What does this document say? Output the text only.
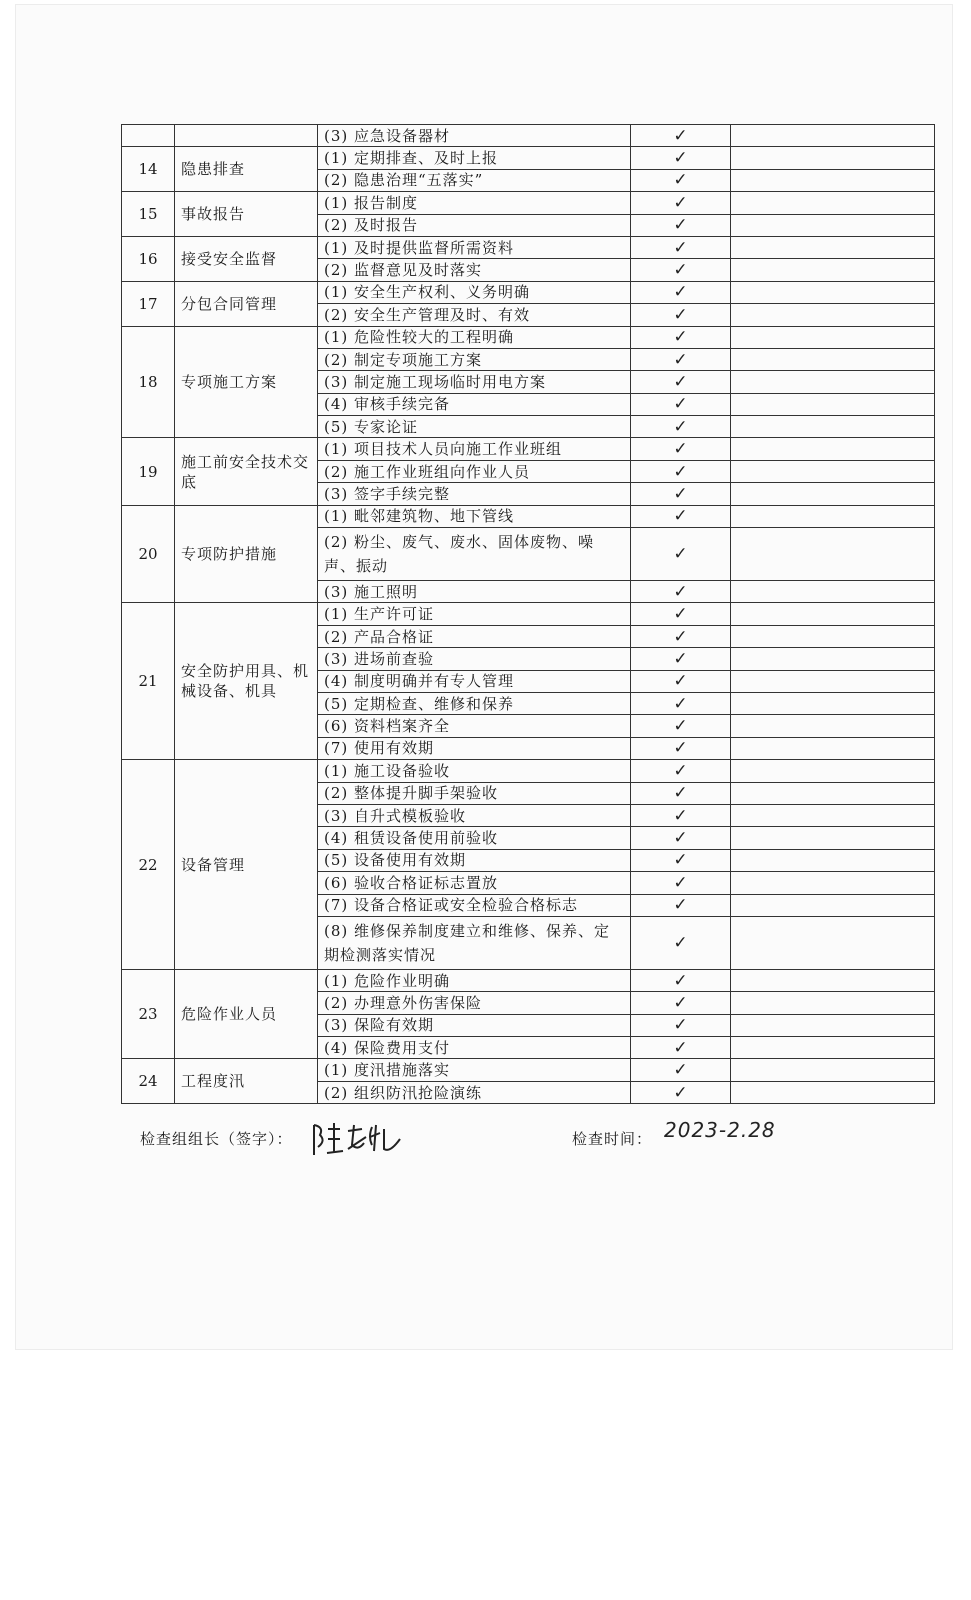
		(3) 应急设备器材	✓	
14	隐患排查	(1) 定期排查、及时上报	✓	
		(2) 隐患治理“五落实”	✓	
15	事故报告	(1) 报告制度	✓	
		(2) 及时报告	✓	
16	接受安全监督	(1) 及时提供监督所需资料	✓	
		(2) 监督意见及时落实	✓	
17	分包合同管理	(1) 安全生产权利、义务明确	✓	
		(2) 安全生产管理及时、有效	✓	
18	专项施工方案	(1) 危险性较大的工程明确	✓	
		(2) 制定专项施工方案	✓	
		(3) 制定施工现场临时用电方案	✓	
		(4) 审核手续完备	✓	
		(5) 专家论证	✓	
19	施工前安全技术交底	(1) 项目技术人员向施工作业班组	✓	
		(2) 施工作业班组向作业人员	✓	
		(3) 签字手续完整	✓	
20	专项防护措施	(1) 毗邻建筑物、地下管线	✓	
		(2) 粉尘、废气、废水、固体废物、噪声、振动	✓	
		(3) 施工照明	✓	
21	安全防护用具、机械设备、机具	(1) 生产许可证	✓	
		(2) 产品合格证	✓	
		(3) 进场前查验	✓	
		(4) 制度明确并有专人管理	✓	
		(5) 定期检查、维修和保养	✓	
		(6) 资料档案齐全	✓	
		(7) 使用有效期	✓	
22	设备管理	(1) 施工设备验收	✓	
		(2) 整体提升脚手架验收	✓	
		(3) 自升式模板验收	✓	
		(4) 租赁设备使用前验收	✓	
		(5) 设备使用有效期	✓	
		(6) 验收合格证标志置放	✓	
		(7) 设备合格证或安全检验合格标志	✓	
		(8) 维修保养制度建立和维修、保养、定期检测落实情况	✓	
23	危险作业人员	(1) 危险作业明确	✓	
		(2) 办理意外伤害保险	✓	
		(3) 保险有效期	✓	
		(4) 保险费用支付	✓	
24	工程度汛	(1) 度汛措施落实	✓	
		(2) 组织防汛抢险演练	✓	
检查组组长（签字）：	检查时间： 2023-2.28
